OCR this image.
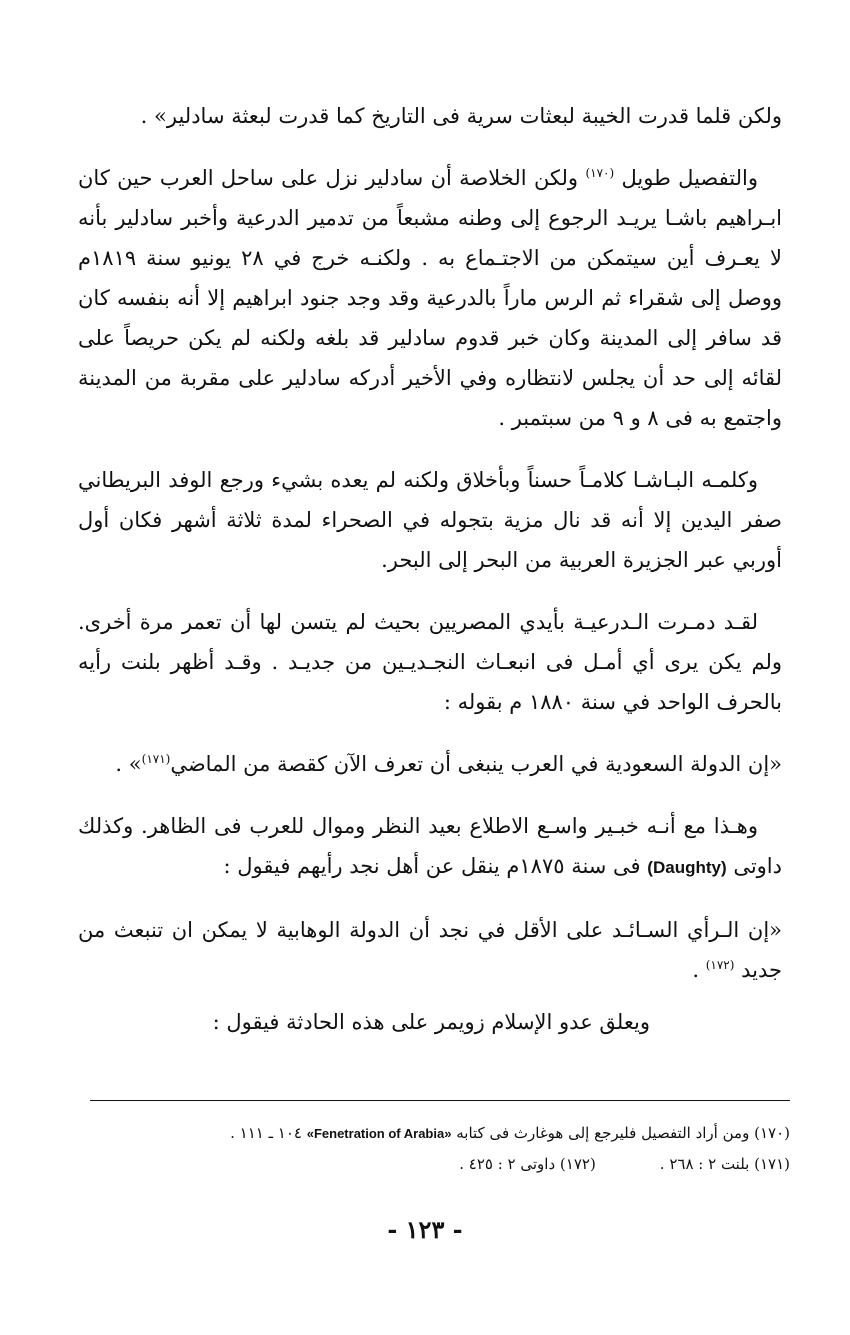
ولكن قلما قدرت الخيبة لبعثات سرية فى التاريخ كما قدرت لبعثة سادلير» .

والتفصيل طويل $^{(١٧٠)}$ ولكن الخلاصة أن سادلير نزل على ساحل العرب حين كان ابـراهيم باشـا يريـد الرجوع إلى وطنه مشبعاً من تدمير الدرعية وأخبر سادلير بأنه لا يعـرف أين سيتمكن من الاجتـماع به . ولكنـه خرج في ٢٨ يونيو سنة ١٨١٩م ووصل إلى شقراء ثم الرس ماراً بالدرعية وقد وجد جنود ابراهيم إلا أنه بنفسه كان قد سافر إلى المدينة وكان خبر قدوم سادلير قد بلغه ولكنه لم يكن حريصاً على لقائه إلى حد أن يجلس لانتظاره وفي الأخير أدركه سادلير على مقربة من المدينة واجتمع به فى ٨ و ٩ من سبتمبر .

وكلمـه البـاشـا كلامـاً حسناً وبأخلاق ولكنه لم يعده بشيء ورجع الوفد البريطاني صفر اليدين إلا أنه قد نال مزية بتجوله في الصحراء لمدة ثلاثة أشهر فكان أول أوربي عبر الجزيرة العربية من البحر إلى البحر.

لقـد دمـرت الـدرعيـة بأيدي المصريين بحيث لم يتسن لها أن تعمر مرة أخرى. ولم يكن يرى أي أمـل فى انبعـاث النجـديـين من جديـد . وقـد أظهر بلنت رأيه بالحرف الواحد في سنة ١٨٨٠ م بقوله :

«إن الدولة السعودية في العرب ينبغى أن تعرف الآن كقصة من الماضي$^{(١٧١)}$» .

وهـذا مع أنـه خبـير واسـع الاطلاع بعيد النظر وموال للعرب فى الظاهر. وكذلك داوتى (Daughty) فى سنة ١٨٧٥م ينقل عن أهل نجد رأيهم فيقول :

«إن الـرأي السـائـد على الأقل في نجد أن الدولة الوهابية لا يمكن ان تنبعث من جديد $^{(١٧٢)}$ .

ويعلق عدو الإسلام زويمر على هذه الحادثة فيقول :

(١٧٠) ومن أراد التفصيل فليرجع إلى هوغارث فى كتابه «Fenetration of Arabia» ١٠٤ ـ ١١١ .
(١٧١) بلنت ٢ : ٢٦٨ .(١٧٢) داوتى ٢ : ٤٢٥ .
- ١٢٣ -
